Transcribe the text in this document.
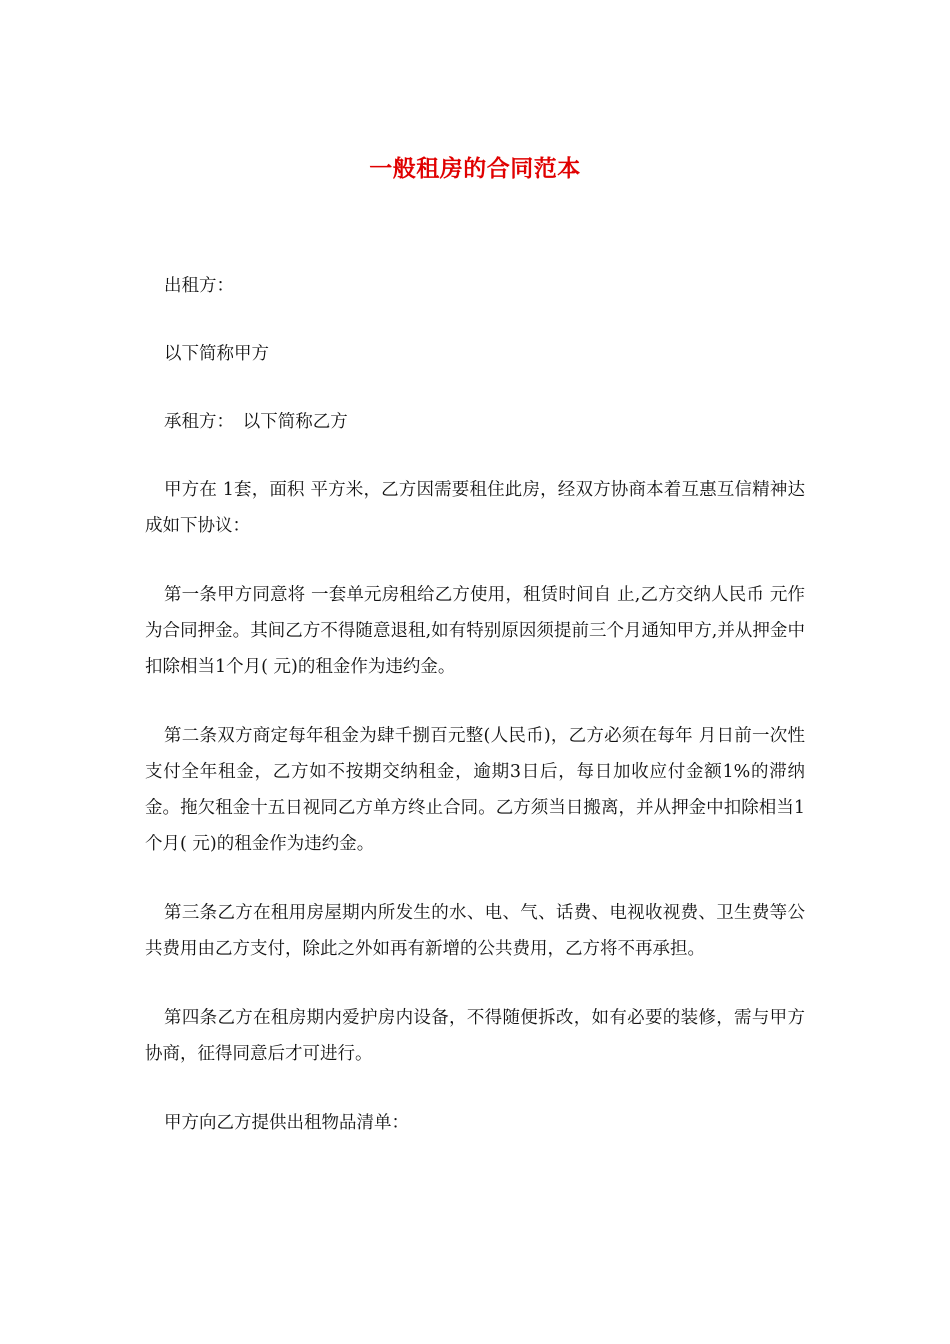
一般租房的合同范本

出租方：

以下简称甲方

承租方：　以下简称乙方

甲方在 1套，面积 平方米，乙方因需要租住此房，经双方协商本着互惠互信精神达成如下协议：

第一条甲方同意将 一套单元房租给乙方使用，租赁时间自 止,乙方交纳人民币 元作为合同押金。其间乙方不得随意退租,如有特别原因须提前三个月通知甲方,并从押金中扣除相当1个月( 元)的租金作为违约金。

第二条双方商定每年租金为肆千捌百元整(人民币)，乙方必须在每年 月日前一次性支付全年租金，乙方如不按期交纳租金，逾期3日后，每日加收应付金额1%的滞纳金。拖欠租金十五日视同乙方单方终止合同。乙方须当日搬离，并从押金中扣除相当1个月( 元)的租金作为违约金。

第三条乙方在租用房屋期内所发生的水、电、气、话费、电视收视费、卫生费等公共费用由乙方支付，除此之外如再有新增的公共费用，乙方将不再承担。

第四条乙方在租房期内爱护房内设备，不得随便拆改，如有必要的装修，需与甲方协商，征得同意后才可进行。

甲方向乙方提供出租物品清单：
